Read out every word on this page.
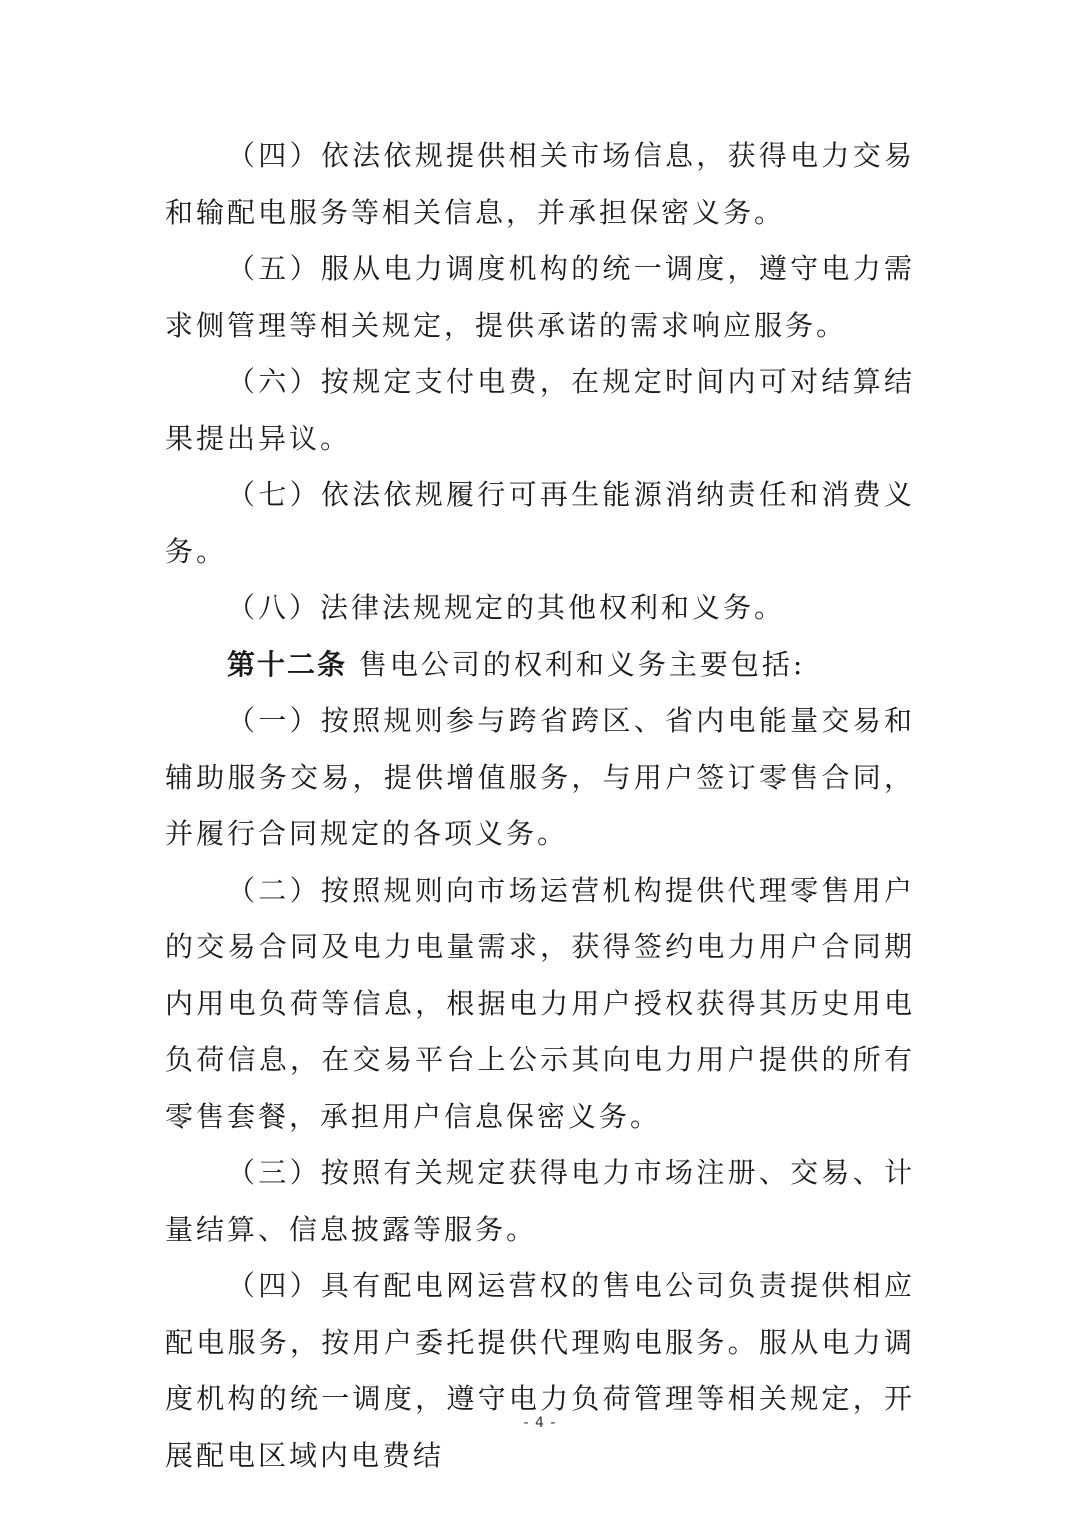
（四）依法依规提供相关市场信息，获得电力交易和输配电服务等相关信息，并承担保密义务。

（五）服从电力调度机构的统一调度，遵守电力需求侧管理等相关规定，提供承诺的需求响应服务。

（六）按规定支付电费，在规定时间内可对结算结果提出异议。

（七）依法依规履行可再生能源消纳责任和消费义务。

（八）法律法规规定的其他权利和义务。

第十二条 售电公司的权利和义务主要包括:

（一）按照规则参与跨省跨区、省内电能量交易和辅助服务交易，提供增值服务，与用户签订零售合同，并履行合同规定的各项义务。

（二）按照规则向市场运营机构提供代理零售用户的交易合同及电力电量需求，获得签约电力用户合同期内用电负荷等信息，根据电力用户授权获得其历史用电负荷信息，在交易平台上公示其向电力用户提供的所有零售套餐，承担用户信息保密义务。

（三）按照有关规定获得电力市场注册、交易、计量结算、信息披露等服务。

（四）具有配电网运营权的售电公司负责提供相应配电服务，按用户委托提供代理购电服务。服从电力调度机构的统一调度，遵守电力负荷管理等相关规定，开展配电区域内电费结

- 4 -
